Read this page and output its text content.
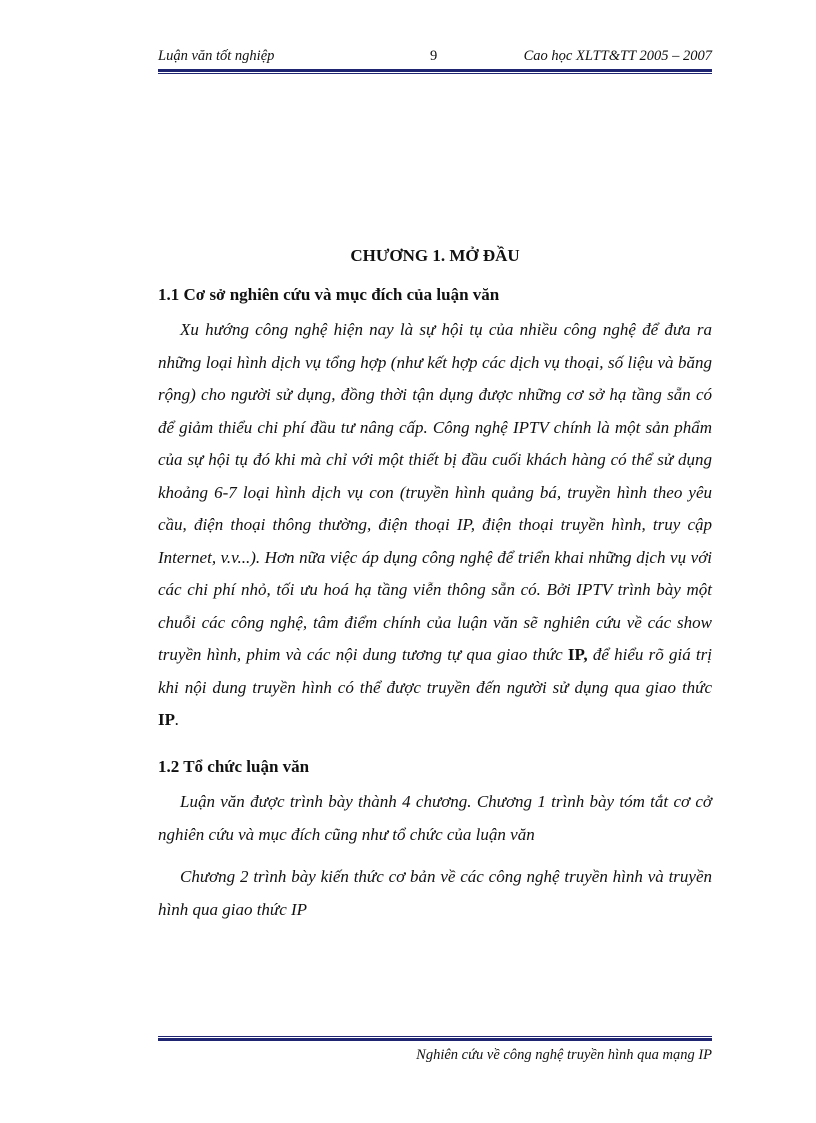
Luận văn tốt nghiệp	9	Cao học XLTT&TT 2005 – 2007
CHƯƠNG 1. MỞ ĐẦU
1.1 Cơ sở nghiên cứu và mục đích của luận văn

Xu hướng công nghệ hiện nay là sự hội tụ của nhiều công nghệ để đưa ra những loại hình dịch vụ tổng hợp (như kết hợp các dịch vụ thoại, số liệu và băng rộng) cho người sử dụng, đồng thời tận dụng được những cơ sở hạ tầng sẵn có để giảm thiểu chi phí đầu tư nâng cấp. Công nghệ IPTV chính là một sản phẩm của sự hội tụ đó khi mà chỉ với một thiết bị đầu cuối khách hàng có thể sử dụng khoảng 6-7 loại hình dịch vụ con (truyền hình quảng bá, truyền hình theo yêu cầu, điện thoại thông thường, điện thoại IP, điện thoại truyền hình, truy cập Internet, v.v...). Hơn nữa việc áp dụng công nghệ để triển khai những dịch vụ với các chi phí nhỏ, tối ưu hoá hạ tầng viễn thông sẵn có. Bởi IPTV trình bày một chuỗi các công nghệ, tâm điểm chính của luận văn sẽ nghiên cứu về các show truyền hình, phim và các nội dung tương tự qua giao thức IP, để hiểu rõ giá trị khi nội dung truyền hình có thể được truyền đến người sử dụng qua giao thức IP.

1.2 Tổ chức luận văn

Luận văn được trình bày thành 4 chương. Chương 1 trình bày tóm tắt cơ cở nghiên cứu và mục đích cũng như tổ chức của luận văn

Chương 2 trình bày kiến thức cơ bản về các công nghệ truyền hình và truyền hình qua giao thức IP

Nghiên cứu về công nghệ truyền hình qua mạng IP
